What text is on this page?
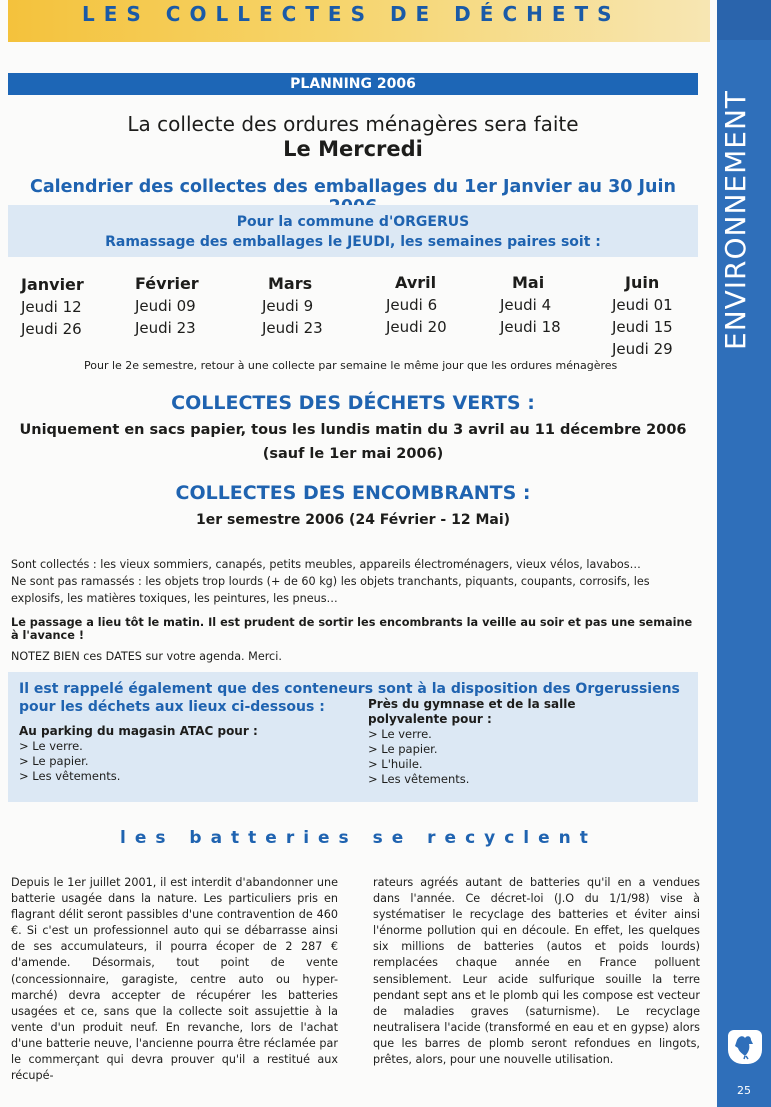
LES COLLECTES DE DÉCHETS
ENVIRONNEMENT
25
PLANNING 2006
La collecte des ordures ménagères sera faite
Le Mercredi
Calendrier des collectes des emballages du 1er Janvier au 30 Juin
Pour la commune d'ORGERUS
Ramassage des emballages le JEUDI, les semaines paires soit :
Janvier
Jeudi 12
Jeudi 26
Février
Jeudi 09
Jeudi 23
Mars
Jeudi 9
Jeudi 23
Avril
Jeudi 6
Jeudi 20
Mai
Jeudi 4
Jeudi 18
Juin
Jeudi 01
Jeudi 15
Jeudi 29
Pour le 2e semestre, retour à une collecte par semaine le même jour que les ordures ménagères
COLLECTES DES DÉCHETS VERTS :
Uniquement en sacs papier, tous les lundis matin du 3 avril au 11 décembre 2006
(sauf le 1er mai 2006)
COLLECTES DES ENCOMBRANTS :
1er semestre 2006 (24 Février - 12 Mai)
Sont collectés : les vieux sommiers, canapés, petits meubles, appareils électroménagers, vieux vélos, lavabos…
Ne sont pas ramassés : les objets trop lourds (+ de 60 kg) les objets tranchants, piquants, coupants, corrosifs, les explosifs, les matières toxiques, les peintures, les pneus…
Le passage a lieu tôt le matin. Il est prudent de sortir les encombrants la veille au soir et pas une semaine à l'avance !
NOTEZ BIEN ces DATES sur votre agenda. Merci.
Il est rappelé également que des conteneurs sont à la disposition des Orgerussiens pour les déchets aux lieux ci-dessous :
Au parking du magasin ATAC pour :
> Le verre.
> Le papier.
> Les vêtements.
Près du gymnase et de la salle polyvalente pour :
> Le verre.
> Le papier.
> L'huile.
> Les vêtements.
les batteries se recyclent
Depuis le 1er juillet 2001, il est interdit d'abandonner une batterie usagée dans la nature. Les particuliers pris en flagrant délit seront passibles d'une contravention de 460 €. Si c'est un professionnel auto qui se débarrasse ainsi de ses accumulateurs, il pourra écoper de 2 287 € d'amende. Désormais, tout point de vente (concessionnaire, garagiste, centre auto ou hyper-marché) devra accepter de récupérer les batteries usagées et ce, sans que la collecte soit assujettie à la vente d'un produit neuf. En revanche, lors de l'achat d'une batterie neuve, l'ancienne pourra être réclamée par le commerçant qui devra prouver qu'il a restitué aux récupé-
rateurs agréés autant de batteries qu'il en a vendues dans l'année. Ce décret-loi (J.O du 1/1/98) vise à systématiser le recyclage des batteries et éviter ainsi l'énorme pollution qui en découle. En effet, les quelques six millions de batteries (autos et poids lourds) remplacées chaque année en France polluent sensiblement. Leur acide sulfurique souille la terre pendant sept ans et le plomb qui les compose est vecteur de maladies graves (saturnisme). Le recyclage neutralisera l'acide (transformé en eau et en gypse) alors que les barres de plomb seront refondues en lingots, prêtes, alors, pour une nouvelle utilisation.
